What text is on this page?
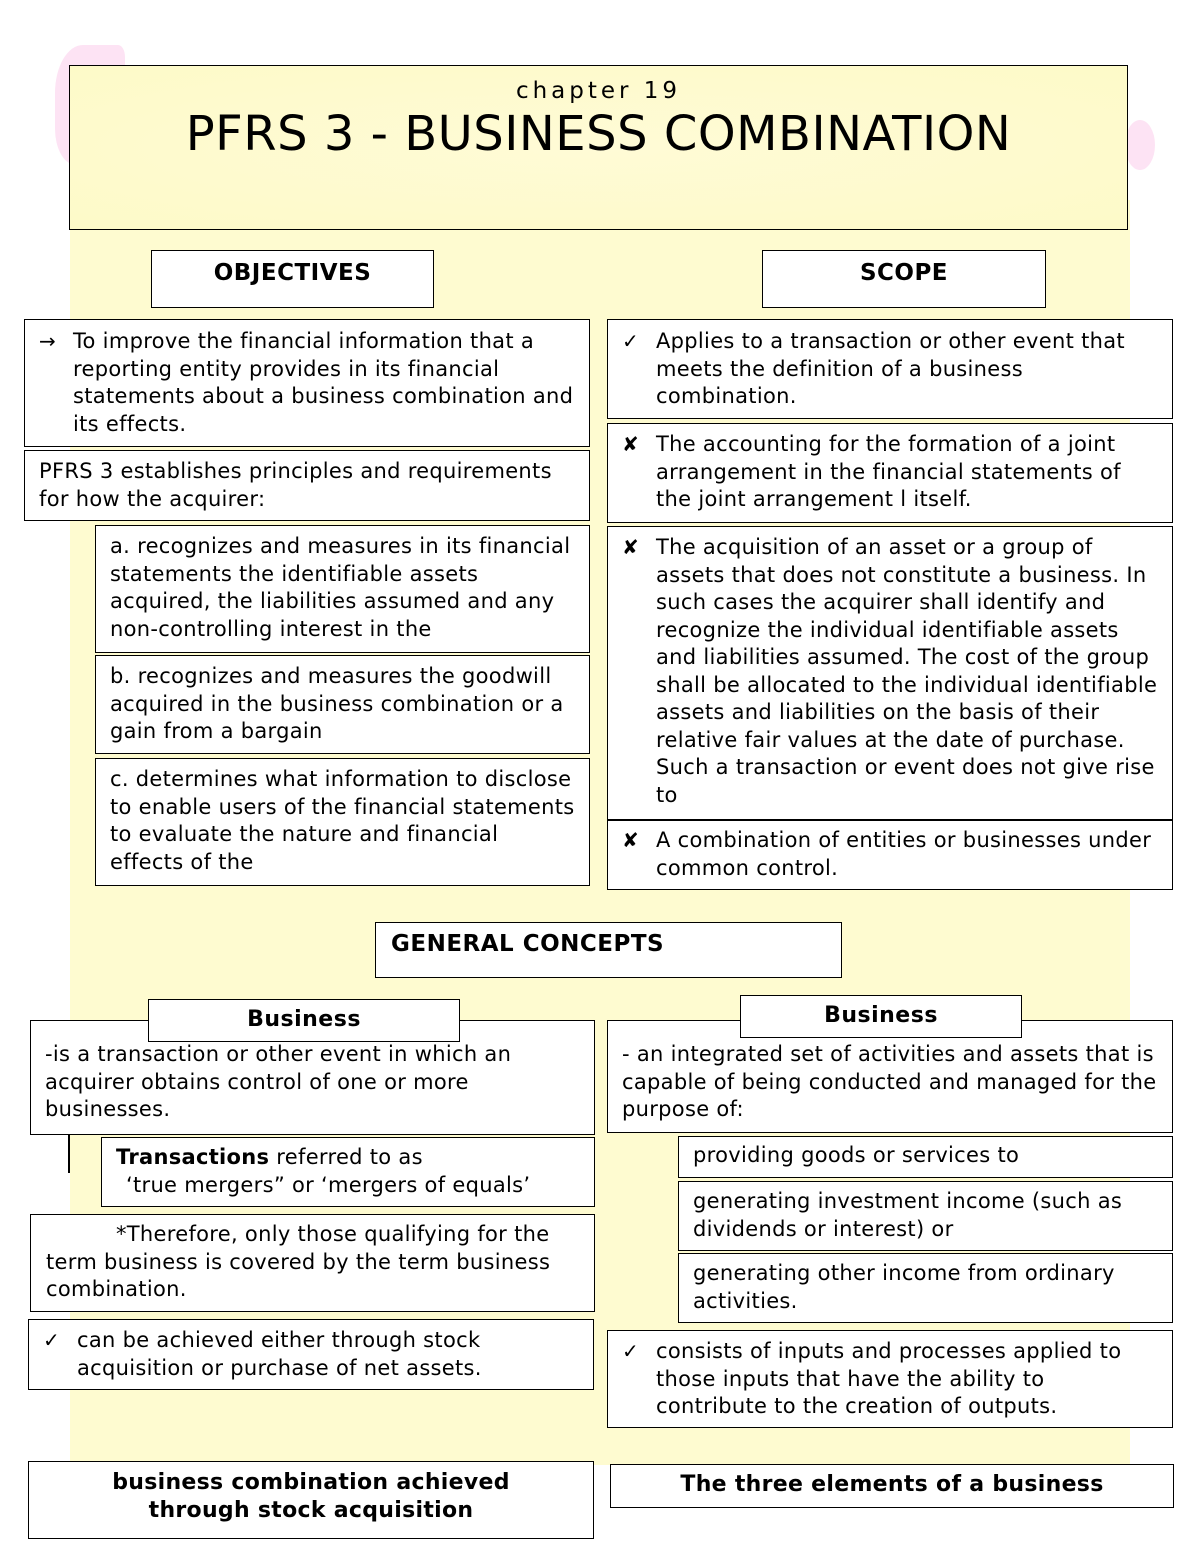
chapter 19
PFRS 3 - BUSINESS COMBINATION
OBJECTIVES
→ To improve the financial information that a reporting entity provides in its financial statements about a business combination and its effects.
PFRS 3 establishes principles and requirements for how the acquirer:
a. recognizes and measures in its financial statements the identifiable assets acquired, the liabilities assumed and any non-controlling interest in the
b. recognizes and measures the goodwill acquired in the business combination or a gain from a bargain
c. determines what information to disclose to enable users of the financial statements to evaluate the nature and financial effects of the
SCOPE
✓ Applies to a transaction or other event that meets the definition of a business combination.
✘ The accounting for the formation of a joint arrangement in the financial statements of the joint arrangement l itself.
✘ The acquisition of an asset or a group of assets that does not constitute a business. In such cases the acquirer shall identify and recognize the individual identifiable assets and liabilities assumed. The cost of the group shall be allocated to the individual identifiable assets and liabilities on the basis of their relative fair values at the date of purchase. Such a transaction or event does not give rise to
✘ A combination of entities or businesses under common control.
GENERAL CONCEPTS
-is a transaction or other event in which an acquirer obtains control of one or more businesses.
Business
Transactions referred to as
‘true mergers” or ‘mergers of equals’
*Therefore, only those qualifying for the term business is covered by the term business combination.
✓ can be achieved either through stock acquisition or purchase of net assets.
business combination achieved through stock acquisition
- an integrated set of activities and assets that is capable of being conducted and managed for the purpose of:
Business
providing goods or services to
generating investment income (such as dividends or interest) or
generating other income from ordinary activities.
✓ consists of inputs and processes applied to those inputs that have the ability to contribute to the creation of outputs.
The three elements of a business
